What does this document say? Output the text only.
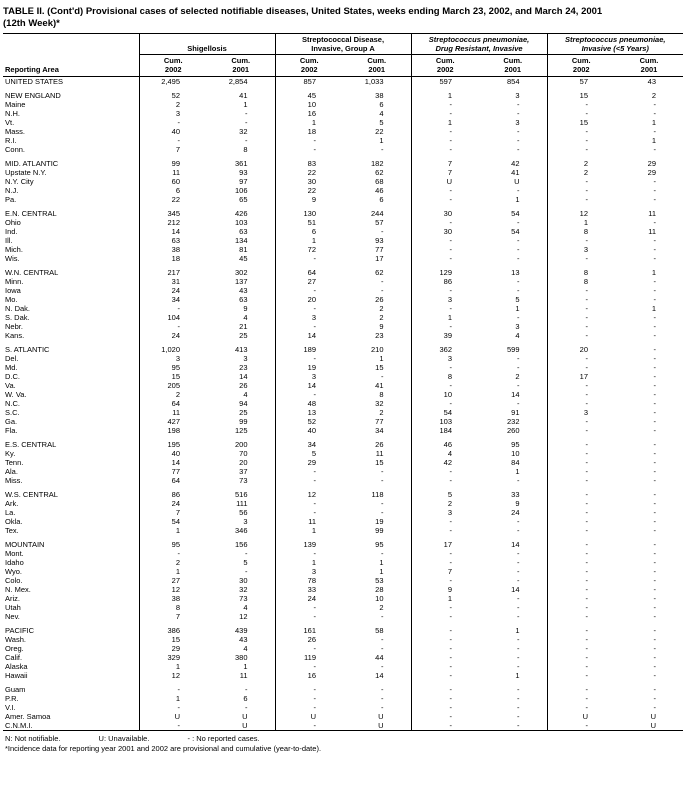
TABLE II. (Cont'd) Provisional cases of selected notifiable diseases, United States, weeks ending March 23, 2002, and March 24, 2001
(12th Week)*
Reporting Area	
Shigellosis

Streptococcal Disease,
Invasive, Group A

Streptococcus pneumoniae,
Drug Resistant, Invasive

Streptococcus pneumoniae,
Invasive (<5 Years)

Cum.
2002

Cum.
2001

Cum.
2002

Cum.
2001

Cum.
2002

Cum.
2001

Cum.
2002

Cum.
2001

UNITED STATES	2,495	2,854	857	1,033	597	854	57	43

NEW ENGLAND	52	41	45	38	1	3	15	2
Maine	2	1	10	6	-	-	-	-
N.H.	3	-	16	4	-	-	-	-
Vt.	-	-	1	5	1	3	15	1
Mass.	40	32	18	22	-	-	-	-
R.I.	-	-	-	1	-	-	-	1
Conn.	7	8	-	-	-	-	-	-

MID. ATLANTIC	99	361	83	182	7	42	2	29
Upstate N.Y.	11	93	22	62	7	41	2	29
N.Y. City	60	97	30	68	U	U	-	-
N.J.	6	106	22	46	-	-	-	-
Pa.	22	65	9	6	-	1	-	-

E.N. CENTRAL	345	426	130	244	30	54	12	11
Ohio	212	103	51	57	-	-	1	-
Ind.	14	63	6	-	30	54	8	11
Ill.	63	134	1	93	-	-	-	-
Mich.	38	81	72	77	-	-	3	-
Wis.	18	45	-	17	-	-	-	-

W.N. CENTRAL	217	302	64	62	129	13	8	1
Minn.	31	137	27	-	86	-	8	-
Iowa	24	43	-	-	-	-	-	-
Mo.	34	63	20	26	3	5	-	-
N. Dak.	-	9	-	2	-	1	-	1
S. Dak.	104	4	3	2	1	-	-	-
Nebr.	-	21	-	9	-	3	-	-
Kans.	24	25	14	23	39	4	-	-

S. ATLANTIC	1,020	413	189	210	362	599	20	-
Del.	3	3	-	1	3	-	-	-
Md.	95	23	19	15	-	-	-	-
D.C.	15	14	3	-	8	2	17	-
Va.	205	26	14	41	-	-	-	-
W. Va.	2	4	-	8	10	14	-	-
N.C.	64	94	48	32	-	-	-	-
S.C.	11	25	13	2	54	91	3	-
Ga.	427	99	52	77	103	232	-	-
Fla.	198	125	40	34	184	260	-	-

E.S. CENTRAL	195	200	34	26	46	95	-	-
Ky.	40	70	5	11	4	10	-	-
Tenn.	14	20	29	15	42	84	-	-
Ala.	77	37	-	-	-	1	-	-
Miss.	64	73	-	-	-	-	-	-

W.S. CENTRAL	86	516	12	118	5	33	-	-
Ark.	24	111	-	-	2	9	-	-
La.	7	56	-	-	3	24	-	-
Okla.	54	3	11	19	-	-	-	-
Tex.	1	346	1	99	-	-	-	-

MOUNTAIN	95	156	139	95	17	14	-	-
Mont.	-	-	-	-	-	-	-	-
Idaho	2	5	1	1	-	-	-	-
Wyo.	1	-	3	1	7	-	-	-
Colo.	27	30	78	53	-	-	-	-
N. Mex.	12	32	33	28	9	14	-	-
Ariz.	38	73	24	10	1	-	-	-
Utah	8	4	-	2	-	-	-	-
Nev.	7	12	-	-	-	-	-	-

PACIFIC	386	439	161	58	-	1	-	-
Wash.	15	43	26	-	-	-	-	-
Oreg.	29	4	-	-	-	-	-	-
Calif.	329	380	119	44	-	-	-	-
Alaska	1	1	-	-	-	-	-	-
Hawaii	12	11	16	14	-	1	-	-

Guam	-	-	-	-	-	-	-	-
P.R.	1	6	-	-	-	-	-	-
V.I.	-	-	-	-	-	-	-	-
Amer. Samoa	U	U	U	U	-	-	U	U
C.N.M.I.	-	U	-	U	-	-	-	U
N: Not notifiable.	U: Unavailable.	- : No reported cases.
*Incidence data for reporting year 2001 and 2002 are provisional and cumulative (year-to-date).
